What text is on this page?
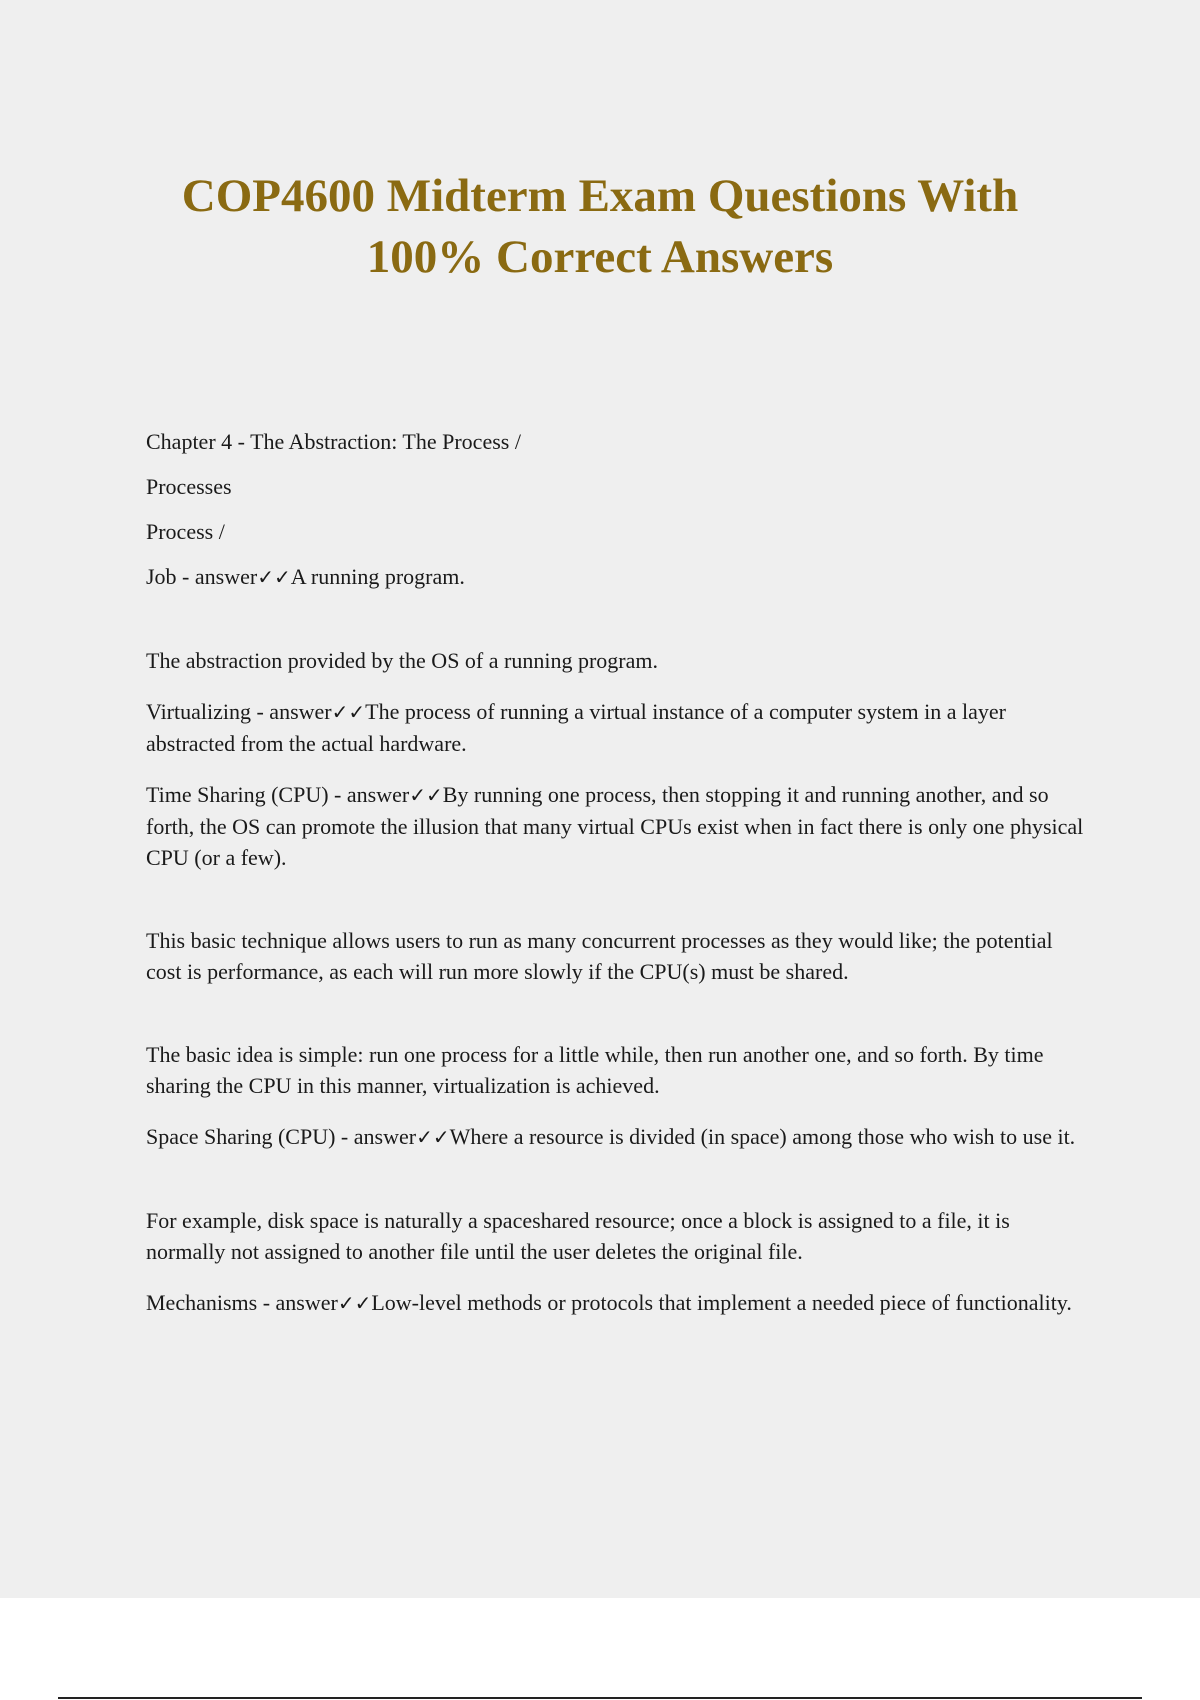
COP4600 Midterm Exam Questions With
100% Correct Answers

Chapter 4 - The Abstraction: The Process /

Processes

Process /

Job - answer✓✓A running program.

The abstraction provided by the OS of a running program.

Virtualizing - answer✓✓The process of running a virtual instance of a computer system in a layer abstracted from the actual hardware.

Time Sharing (CPU) - answer✓✓By running one process, then stopping it and running another, and so forth, the OS can promote the illusion that many virtual CPUs exist when in fact there is only one physical CPU (or a few).

This basic technique allows users to run as many concurrent processes as they would like; the potential cost is performance, as each will run more slowly if the CPU(s) must be shared.

The basic idea is simple: run one process for a little while, then run another one, and so forth. By time sharing the CPU in this manner, virtualization is achieved.

Space Sharing (CPU) - answer✓✓Where a resource is divided (in space) among those who wish to use it.

For example, disk space is naturally a spaceshared resource; once a block is assigned to a file, it is normally not assigned to another file until the user deletes the original file.

Mechanisms - answer✓✓Low-level methods or protocols that implement a needed piece of functionality.
